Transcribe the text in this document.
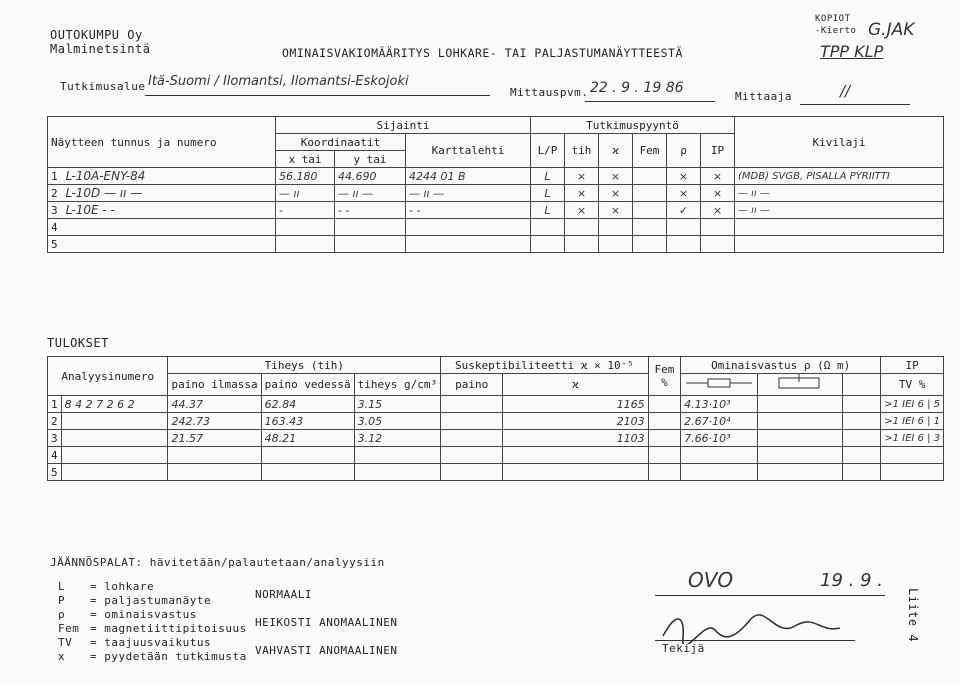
OUTOKUMPU Oy
Malminetsintä	OMINAISVAKIOMÄÄRITYS LOHKARE- TAI PALJASTUMANÄYTTEESTÄ
KOPIOT
-Kierto G.JAK
TPP KLP
Tutkimusalue Itä-Suomi / Ilomantsi, Ilomantsi-Eskojoki
Mittauspvm. 22 . 9 . 19 86
Mittaaja	//
Näytteen tunnus ja numero	Sijainti			Tutkimuspyyntö						Kivilaji
	Koordinaatit		Karttalehti	L/P	tih	ϰ	Fem	ρ	IP	
	x tai	y tai								
1 L-10A-ENY-84	56.180	44.690	4244 01 B	L	×	×		×	×	(MDB) SVGB, PISALLA PYRIITTI
2 L-10D — ıı —	— ıı	— ıı —	— ıı —	L	×	×		×	×	— ıı —
3 L-10E - -	-	- -	- -	L	×	×		✓	×	— ıı —
4										
5										
TULOKSET
Analyysinumero		Tiheys (tih)			Suskeptibiliteetti ϰ × 10⁻⁵		Fem
%	Ominaisvastus ρ (Ω m)			IP
		paino ilmassa	paino vedessä	tiheys g/cm³	paino	ϰ					TV %
1	8 4 2 7 2 6 2	44.37	62.84	3.15		1165		4.13·10³			>1 ⅠEⅠ 6 | 5
2		242.73	163.43	3.05		2103		2.67·10⁴			>1 ⅠEⅠ 6 | 1
3		21.57	48.21	3.12		1103		7.66·10³			>1 ⅠEⅠ 6 | 3
4											
5											
JÄÄNNÖSPALAT: hävitetään/palautetaan/analyysiin
L = lohkare
P = paljastumanäyte
ρ = ominaisvastus
Fem = magnetiittipitoisuus
TV = taajuusvaikutus
x = pyydetään tutkimusta
NORMAALI
HEIKOSTI ANOMAALINEN
VAHVASTI ANOMAALINEN
OVO	19 . 9 .
Tekijä
Liite 4
